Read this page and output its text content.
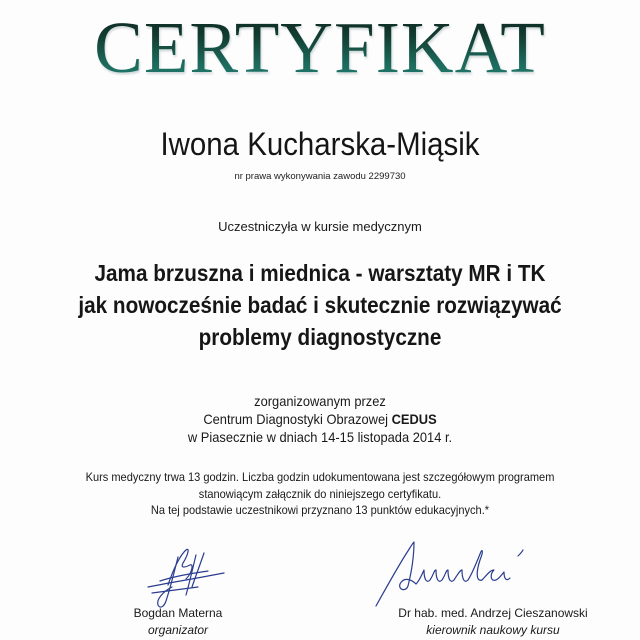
CERTYFIKAT
Iwona Kucharska-Miąsik
nr prawa wykonywania zawodu 2299730
Uczestniczyła w kursie medycznym
Jama brzuszna i miednica - warsztaty MR i TK
jak nowocześnie badać i skutecznie rozwiązywać
problemy diagnostyczne
zorganizowanym przez
Centrum Diagnostyki Obrazowej CEDUS
w Piasecznie w dniach 14-15 listopada 2014 r.
Kurs medyczny trwa 13 godzin. Liczba godzin udokumentowana jest szczegółowym programem
stanowiącym załącznik do niniejszego certyfikatu.
Na tej podstawie uczestnikowi przyznano 13 punktów edukacyjnych.*
Bogdan Materna
organizator
Dr hab. med. Andrzej Cieszanowski
kierownik naukowy kursu
